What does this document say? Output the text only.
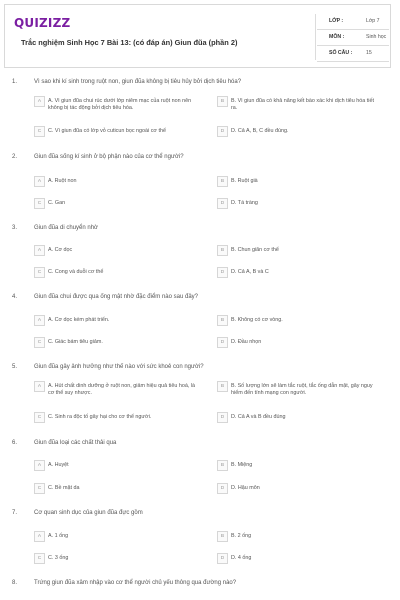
QUIZIZZ
Trắc nghiệm Sinh Học 7 Bài 13: (có đáp án) Giun đũa (phần 2)
LỚP :	Lớp 7
MÔN :	Sinh học
SỐ CÂU :	15
1.	Vì sao khi kí sinh trong ruột non, giun đũa không bị tiêu hủy bởi dịch tiêu hóa?
A	A. Vì giun đũa chui rúc dưới lớp niêm mạc của ruột non nên không bị tác động bởi dịch tiêu hóa.
B	B. Vì giun đũa có khả năng kết bào xác khi dịch tiêu hóa tiết ra.
C	C. Vì giun đũa có lớp vỏ cuticun bọc ngoài cơ thể	D	D. Cả A, B, C đều đúng.
2.	Giun đũa sống kí sinh ở bộ phận nào của cơ thể người?
A	A. Ruột non	B	B. Ruột già
C	C. Gan	D	D. Tá tràng
3.	Giun đũa di chuyển nhờ
A	A. Cơ dọc	B	B. Chun giãn cơ thể
C	C. Cong và duỗi cơ thể	D	D. Cả A, B và C
4.	Giun đũa chui được qua ống mật nhờ đặc điểm nào sau đây?
A	A. Cơ dọc kém phát triển.	B	B. Không có cơ vòng.
C	C. Giác bám tiêu giảm.	D	D. Đầu nhọn
5.	Giun đũa gây ảnh hưởng như thế nào với sức khoẻ con người?
A	A. Hút chất dinh dưỡng ở ruột non, giảm hiệu quả tiêu hoá, là cơ thể suy nhược.
B	B. Số lượng lớn sẽ làm tắc ruột, tắc ống dẫn mật, gây nguy hiểm đến tính mạng con người.
C	C. Sinh ra độc tố gây hại cho cơ thể người.	D	D. Cả A và B đều đúng
6.	Giun đũa loại các chất thải qua
A	A. Huyệt	B	B. Miệng
C	C. Bề mặt da	D	D. Hậu môn
7.	Cơ quan sinh dục của giun đũa đực gồm
A	A. 1 ống	B	B. 2 ống
C	C. 3 ống	D	D. 4 ống
8.	Trứng giun đũa xâm nhập vào cơ thể người chủ yếu thông qua đường nào?
